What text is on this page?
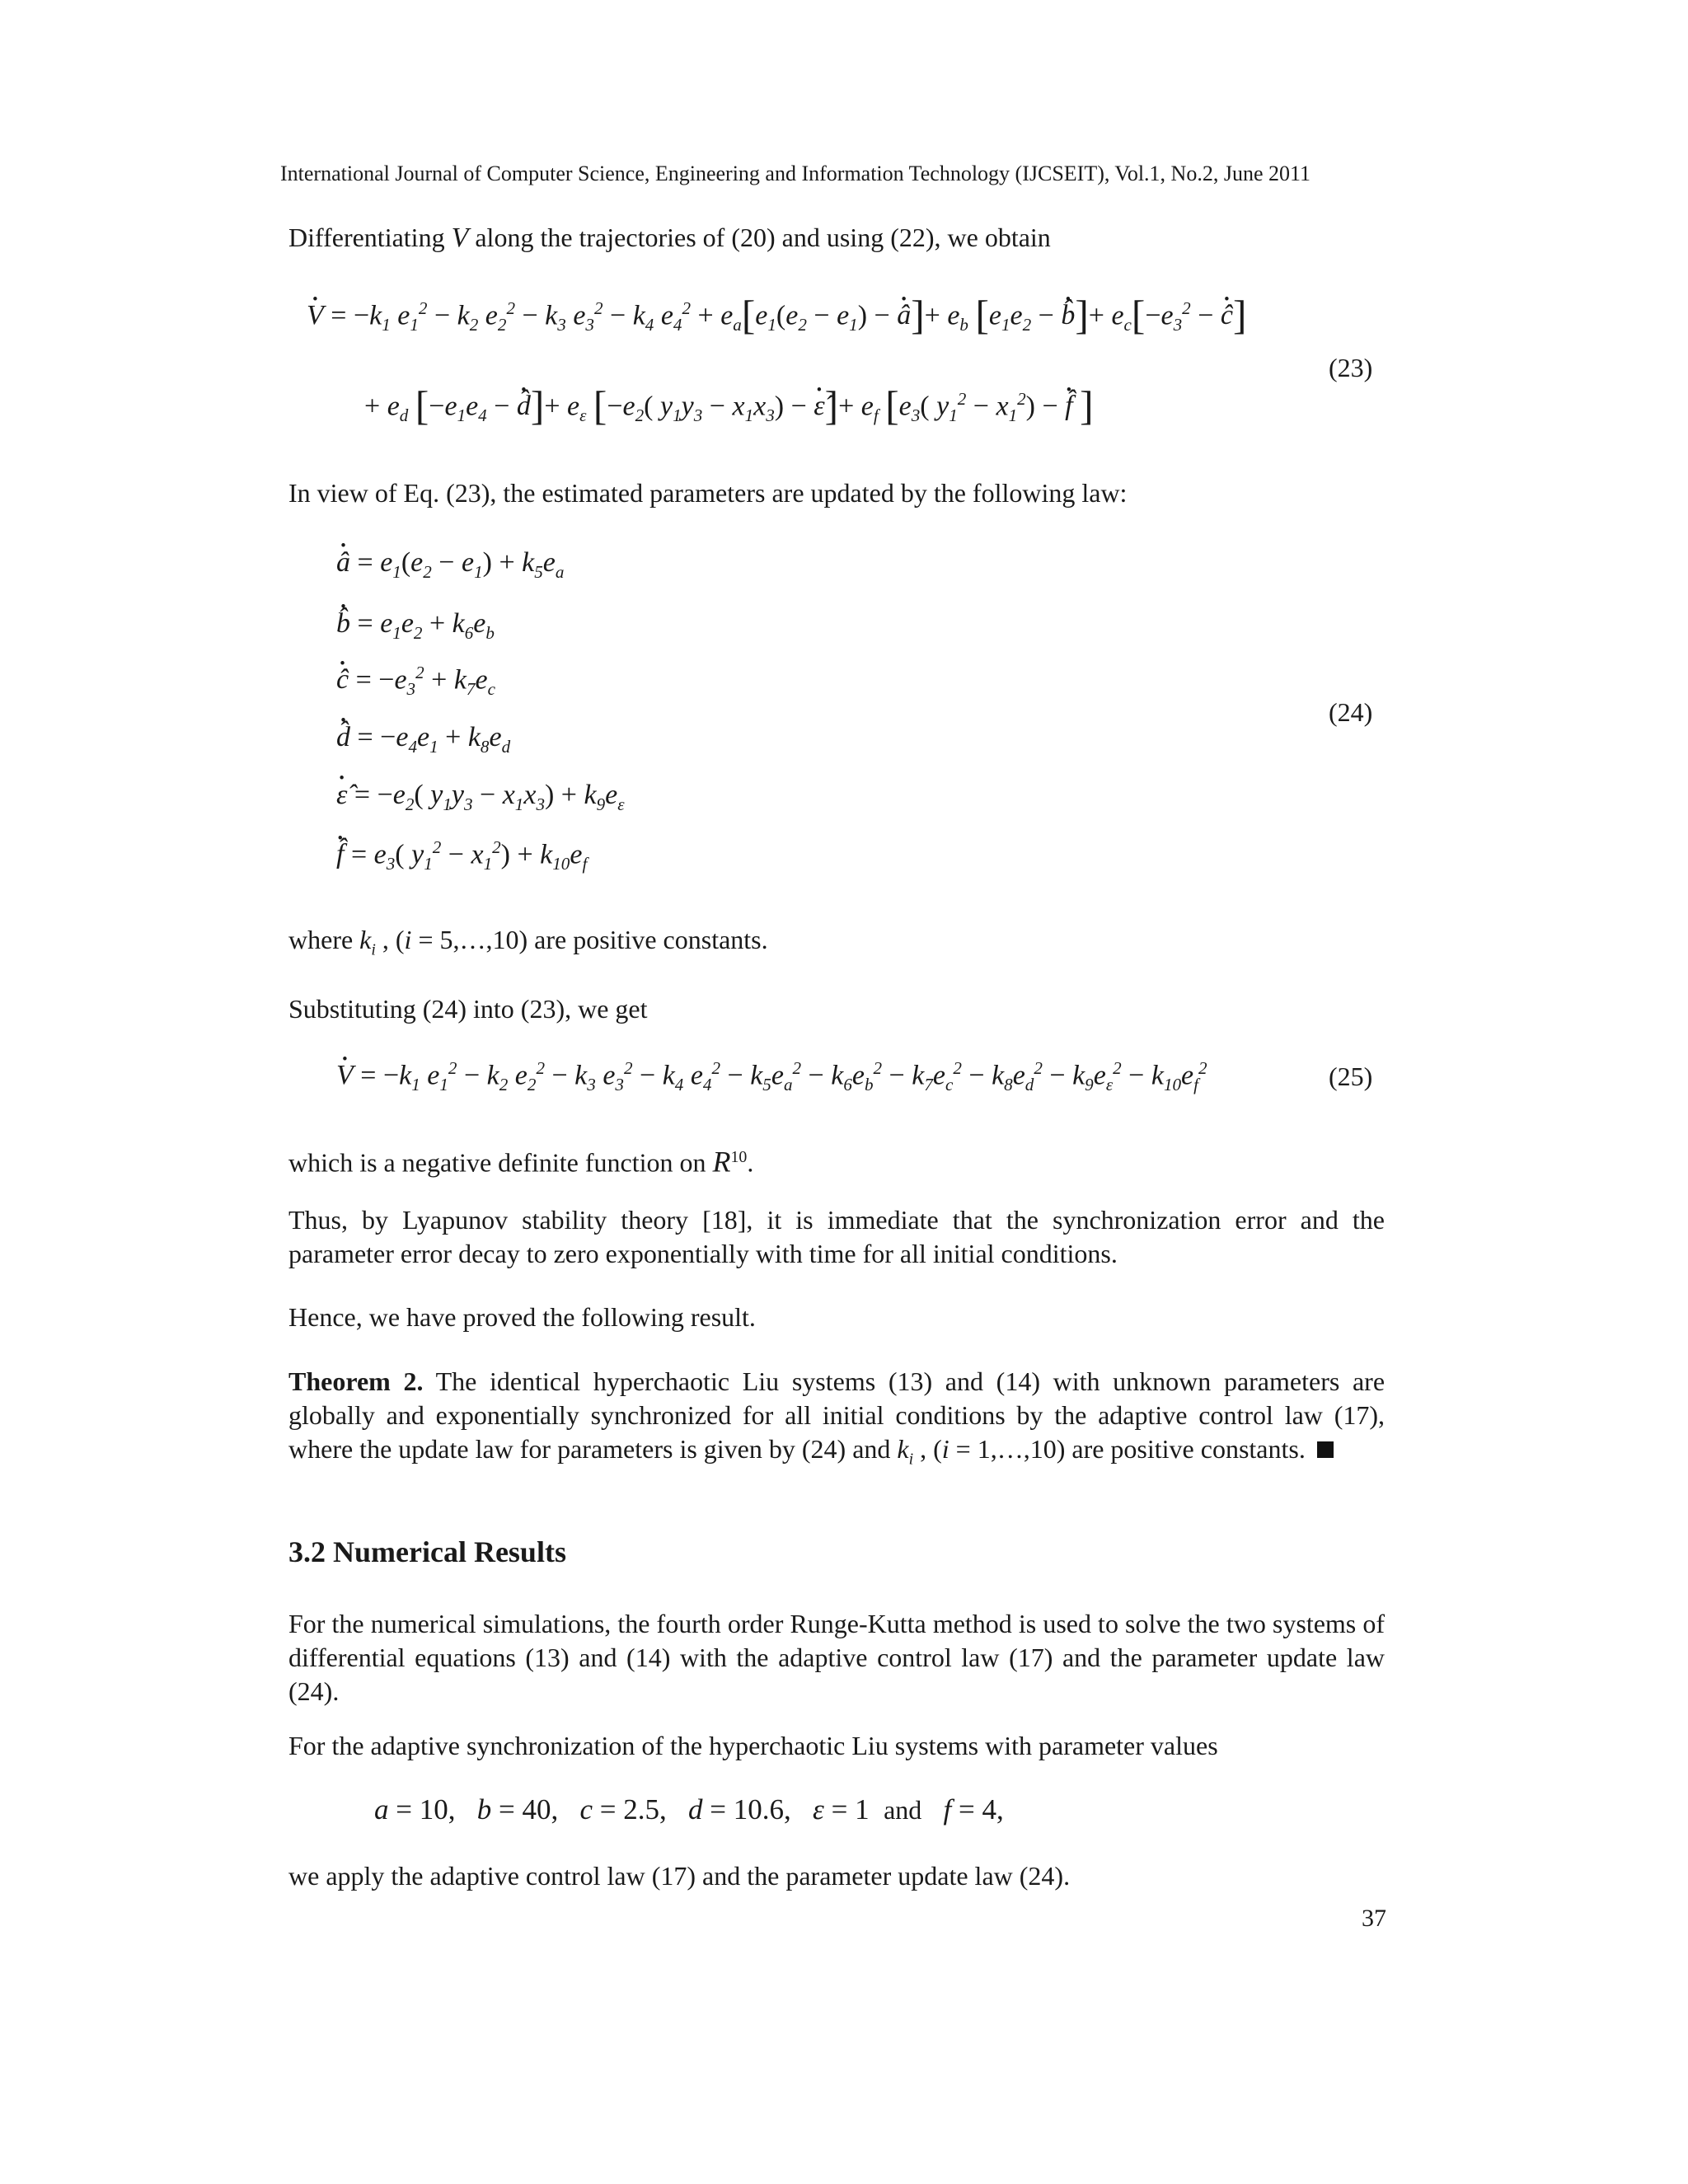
International Journal of Computer Science, Engineering and Information Technology (IJCSEIT), Vol.1, No.2, June 2011
Differentiating V along the trajectories of (20) and using (22), we obtain
• $V = -k_1$ $e_1^2 - k_2$ $e_2^2 - k_3$ $e_3^2 - k_4$ $e_4^2 + e_a[e_1(e_2 - e_1)$ − • â]+ $e_b$ [$e_1e_2$ − • b̂]+ $e_c[-e_3^2$ − • ĉ]
(23)
+ $e_d$ [$-e_1e_4$ − • d̂]+ $e_\varepsilon$ [$-e_2$( $y_1y_3 - x_1x_3$) − • ε̂]+ $e_f$ [$e_3$( $y_1^2 - x_1^2$) − • f̂ ]
In view of Eq. (23), the estimated parameters are updated by the following law:
• â = $e_1(e_2 - e_1) + k_5e_a$
• b̂ = $e_1e_2 + k_6e_b$
• ĉ = $-e_3^2 + k_7e_c$
• d̂ = $-e_4e_1 + k_8e_d$
• ε̂ = $-e_2$( $y_1y_3 - x_1x_3) + k_9e_\varepsilon$
• f̂ = $e_3$( $y_1^2 - x_1^2) + k_{10}e_f$
(24)
where $k_i$ , (i = 5,…,10) are positive constants.
Substituting (24) into (23), we get
• $V = -k_1$ $e_1^2 - k_2$ $e_2^2 - k_3$ $e_3^2 - k_4$ $e_4^2 - k_5e_a^2 - k_6e_b^2 - k_7e_c^2 - k_8e_d^2 - k_9e_\varepsilon^2 - k_{10}e_f^2$	(25)
which is a negative definite function on $R^{10}$.
Thus, by Lyapunov stability theory [18], it is immediate that the synchronization error and the parameter error decay to zero exponentially with time for all initial conditions.
Hence, we have proved the following result.
Theorem 2. The identical hyperchaotic Liu systems (13) and (14) with unknown parameters are globally and exponentially synchronized for all initial conditions by the adaptive control law (17), where the update law for parameters is given by (24) and $k_i$ , (i = 1,…,10) are positive constants.
3.2 Numerical Results
For the numerical simulations, the fourth order Runge-Kutta method is used to solve the two systems of differential equations (13) and (14) with the adaptive control law (17) and the parameter update law (24).
For the adaptive synchronization of the hyperchaotic Liu systems with parameter values
a = 10,   b = 40,   c = 2.5,   d = 10.6,   ε = 1 and   f = 4,
we apply the adaptive control law (17) and the parameter update law (24).
37
